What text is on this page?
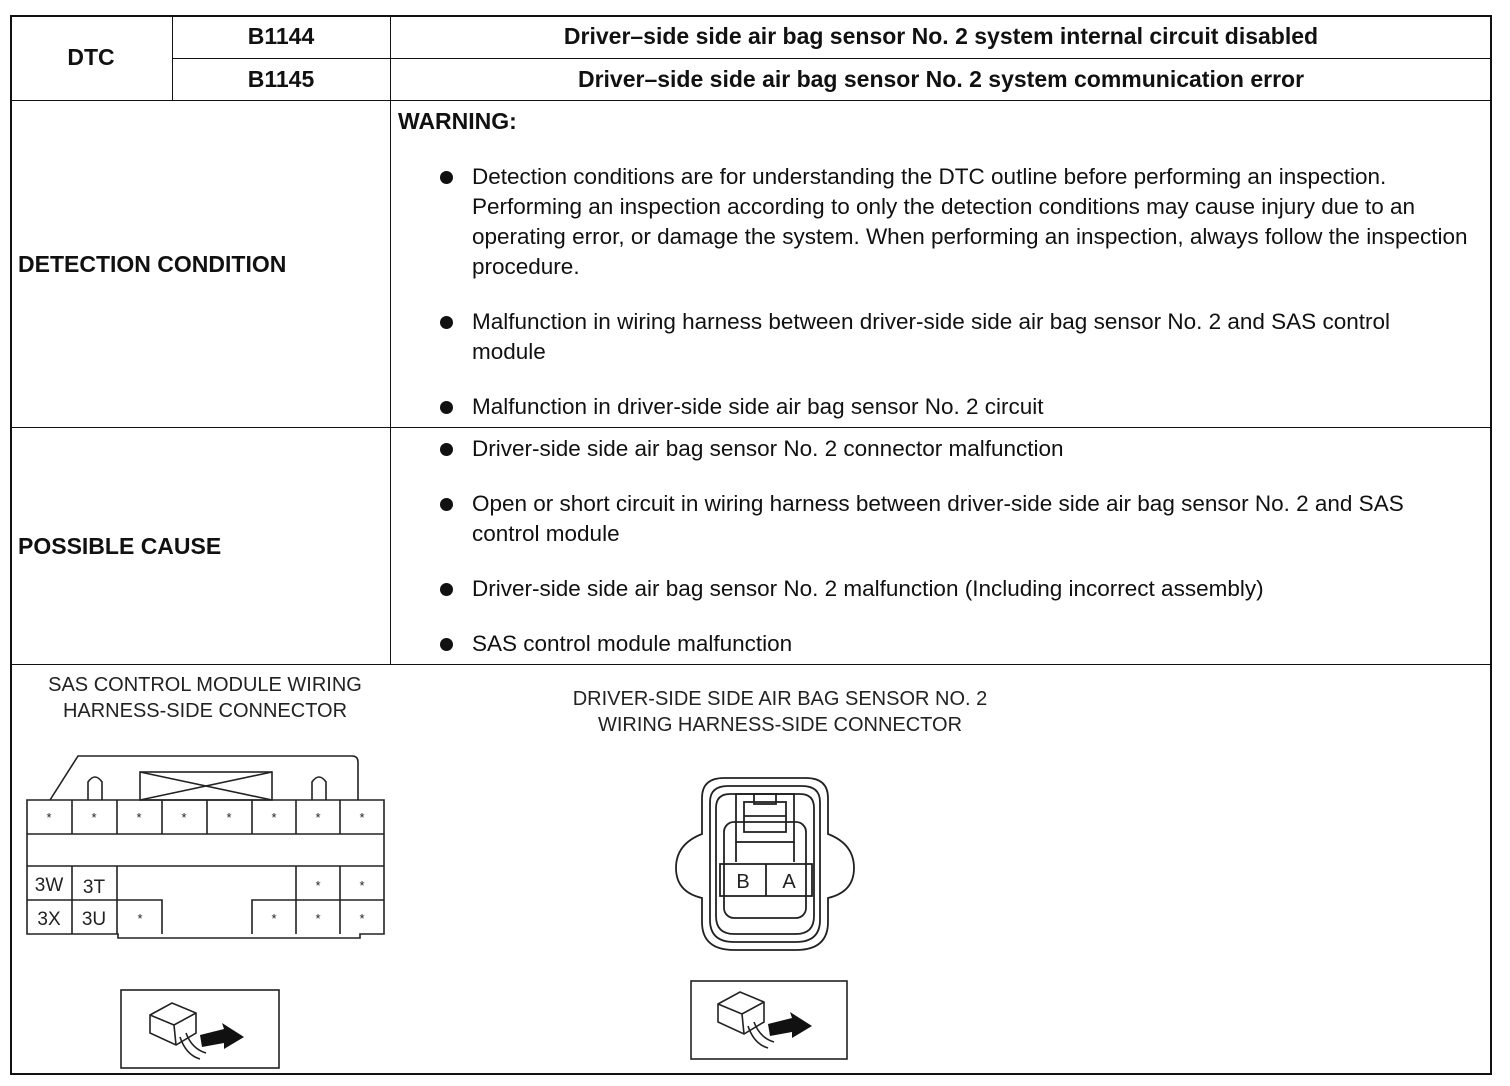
DTC
B1144	Driver–side side air bag sensor No. 2 system internal circuit disabled
B1145	Driver–side side air bag sensor No. 2 system communication error
DETECTION CONDITION
WARNING:
Detection conditions are for understanding the DTC outline before performing an inspection. Performing an inspection according to only the detection conditions may cause injury due to an operating error, or damage the system. When performing an inspection, always follow the inspection procedure.
Malfunction in wiring harness between driver-side side air bag sensor No. 2 and SAS control module
Malfunction in driver-side side air bag sensor No. 2 circuit
POSSIBLE CAUSE
Driver-side side air bag sensor No. 2 connector malfunction
Open or short circuit in wiring harness between driver-side side air bag sensor No. 2 and SAS control module
Driver-side side air bag sensor No. 2 malfunction (Including incorrect assembly)
SAS control module malfunction
SAS CONTROL MODULE WIRING
HARNESS-SIDE CONNECTOR
DRIVER-SIDE SIDE AIR BAG SENSOR NO. 2
WIRING HARNESS-SIDE CONNECTOR
*	*	*	*	*	*	*	*
*	*
*	*	*	*
3W 3T
3X 3U
B A
